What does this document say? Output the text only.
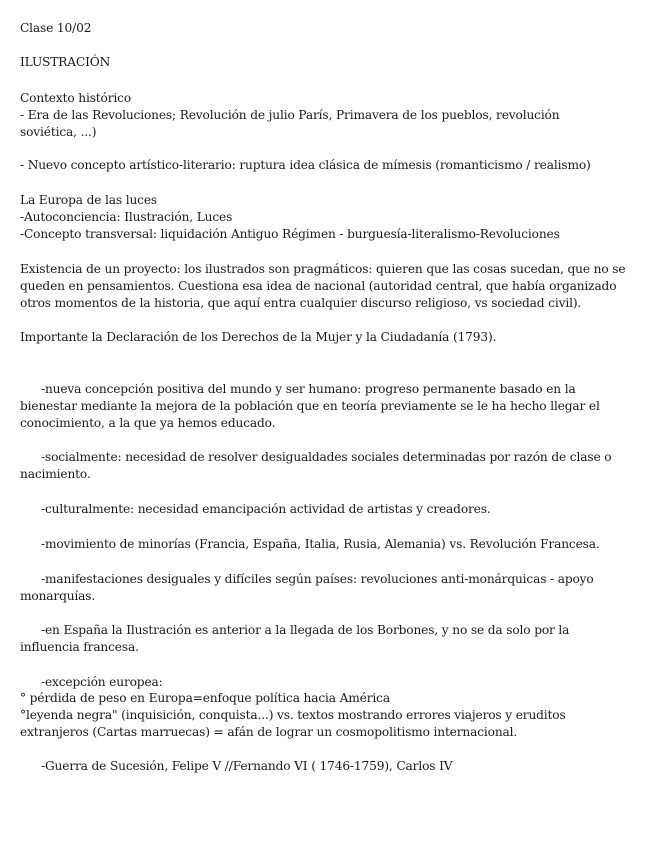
Clase 10/02
ILUSTRACIÓN
Contexto histórico
- Era de las Revoluciones; Revolución de julio París, Primavera de los pueblos, revolución
soviética, ...)
- Nuevo concepto artístico-literario: ruptura idea clásica de mímesis (romanticismo / realismo)
La Europa de las luces
-Autoconciencia: Ilustración, Luces
-Concepto transversal: liquidación Antiguo Régimen - burguesía-literalismo-Revoluciones
Existencia de un proyecto: los ilustrados son pragmáticos: quieren que las cosas sucedan, que no se
queden en pensamientos. Cuestiona esa idea de nacional (autoridad central, que había organizado
otros momentos de la historia, que aquí entra cualquier discurso religioso, vs sociedad civil).
Importante la Declaración de los Derechos de la Mujer y la Ciudadanía (1793).
-nueva concepción positiva del mundo y ser humano: progreso permanente basado en la
bienestar mediante la mejora de la población que en teoría previamente se le ha hecho llegar el
conocimiento, a la que ya hemos educado.
-socialmente: necesidad de resolver desigualdades sociales determinadas por razón de clase o
nacimiento.
-culturalmente: necesidad emancipación actividad de artistas y creadores.
-movimiento de minorías (Francia, España, Italia, Rusia, Alemania) vs. Revolución Francesa.
-manifestaciones desiguales y difíciles según países: revoluciones anti-monárquicas - apoyo
monarquías.
-en España la Ilustración es anterior a la llegada de los Borbones, y no se da solo por la
influencia francesa.
-excepción europea:
° pérdida de peso en Europa=enfoque política hacia América
°leyenda negra" (inquisición, conquista...) vs. textos mostrando errores viajeros y eruditos
extranjeros (Cartas marruecas) = afán de lograr un cosmopolitismo internacional.
-Guerra de Sucesión, Felipe V //Fernando VI ( 1746-1759), Carlos IV
